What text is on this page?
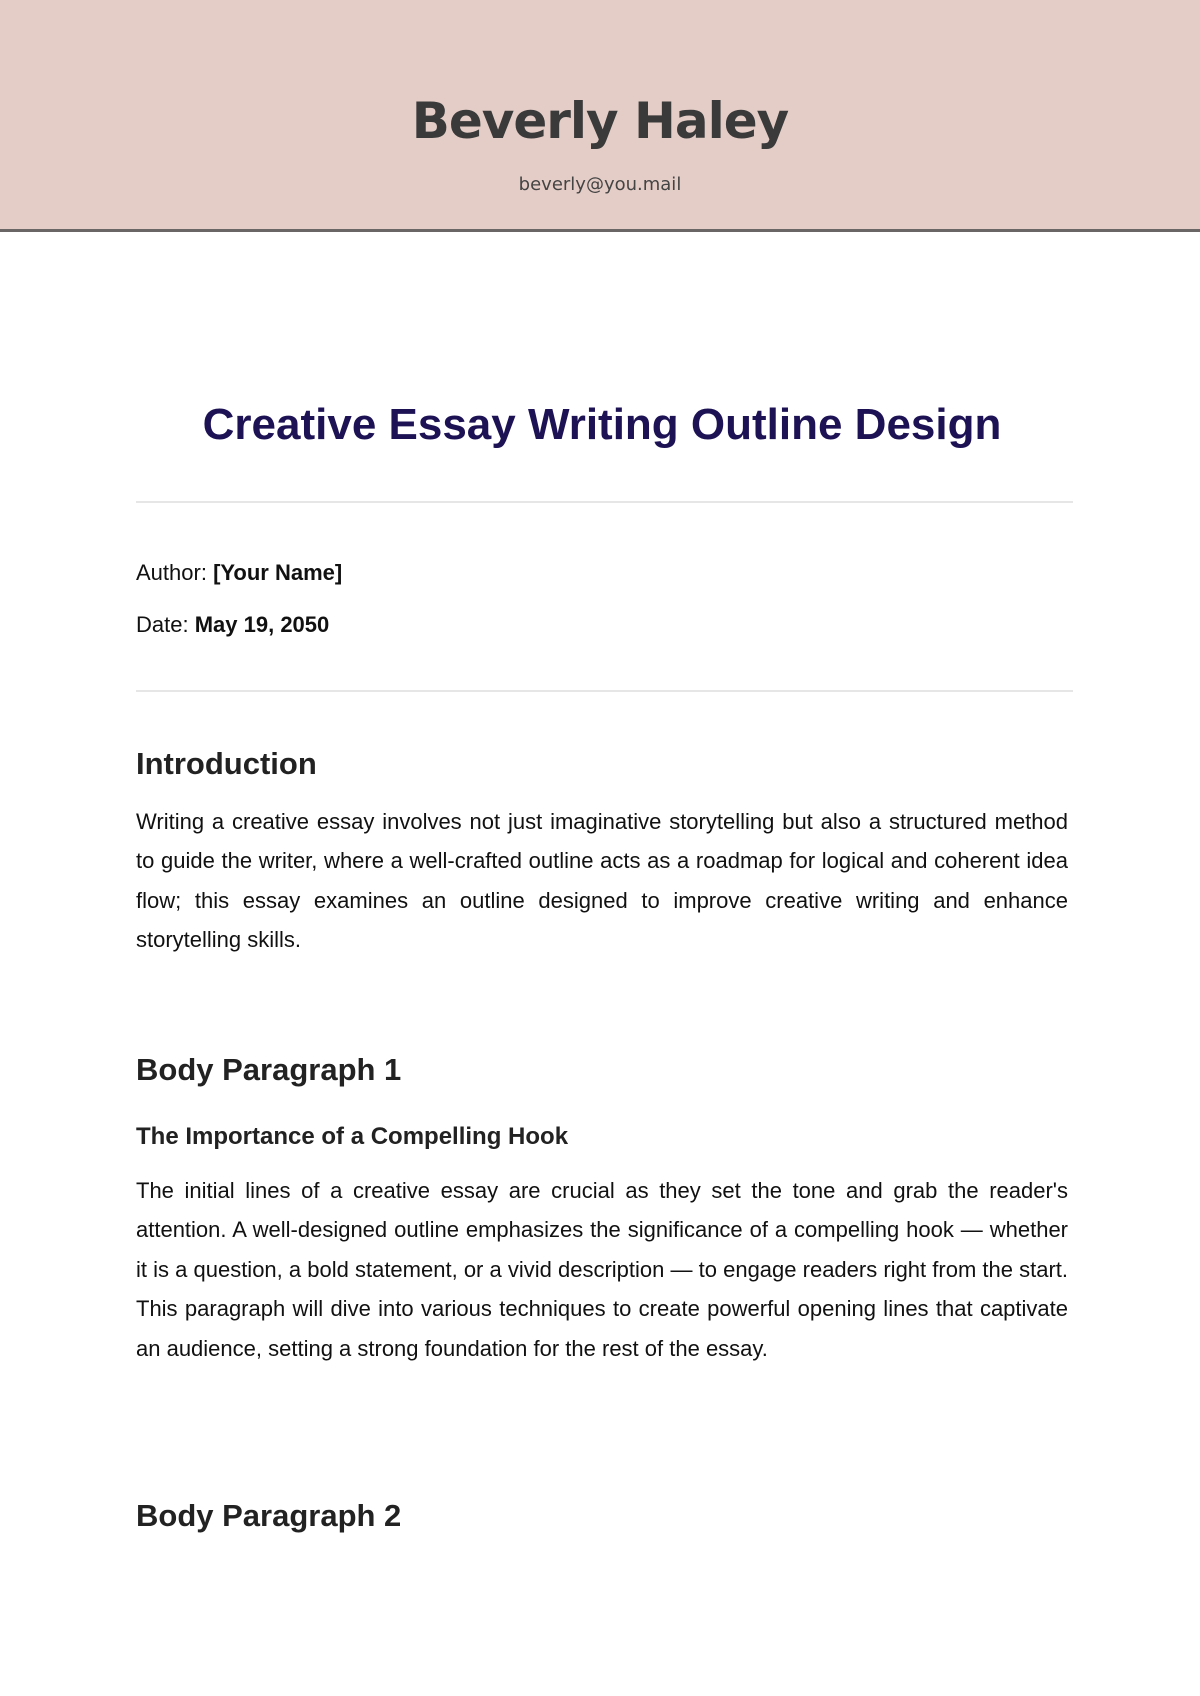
Beverly Haley
beverly@you.mail
Creative Essay Writing Outline Design
Author: [Your Name]
Date: May 19, 2050
Introduction

Writing a creative essay involves not just imaginative storytelling but also a structured method to guide the writer, where a well-crafted outline acts as a roadmap for logical and coherent idea flow; this essay examines an outline designed to improve creative writing and enhance storytelling skills.

Body Paragraph 1
The Importance of a Compelling Hook

The initial lines of a creative essay are crucial as they set the tone and grab the reader's attention. A well-designed outline emphasizes the significance of a compelling hook — whether it is a question, a bold statement, or a vivid description — to engage readers right from the start. This paragraph will dive into various techniques to create powerful opening lines that captivate an audience, setting a strong foundation for the rest of the essay.

Body Paragraph 2
